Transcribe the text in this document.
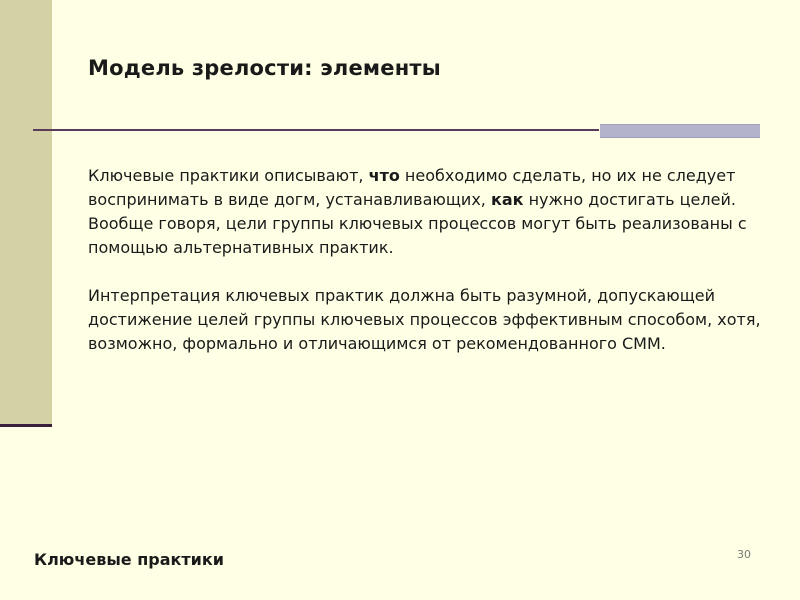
Модель зрелости: элементы

Ключевые практики описывают, что необходимо сделать, но их не следует воспринимать в виде догм, устанавливающих, как нужно достигать целей. Вообще говоря, цели группы ключевых процессов могут быть реализованы с помощью альтернативных практик.

Интерпретация ключевых практик должна быть разумной, допускающей достижение целей группы ключевых процессов эффективным способом, хотя, возможно, формально и отличающимся от рекомендованного СММ.

Ключевые практики	30
